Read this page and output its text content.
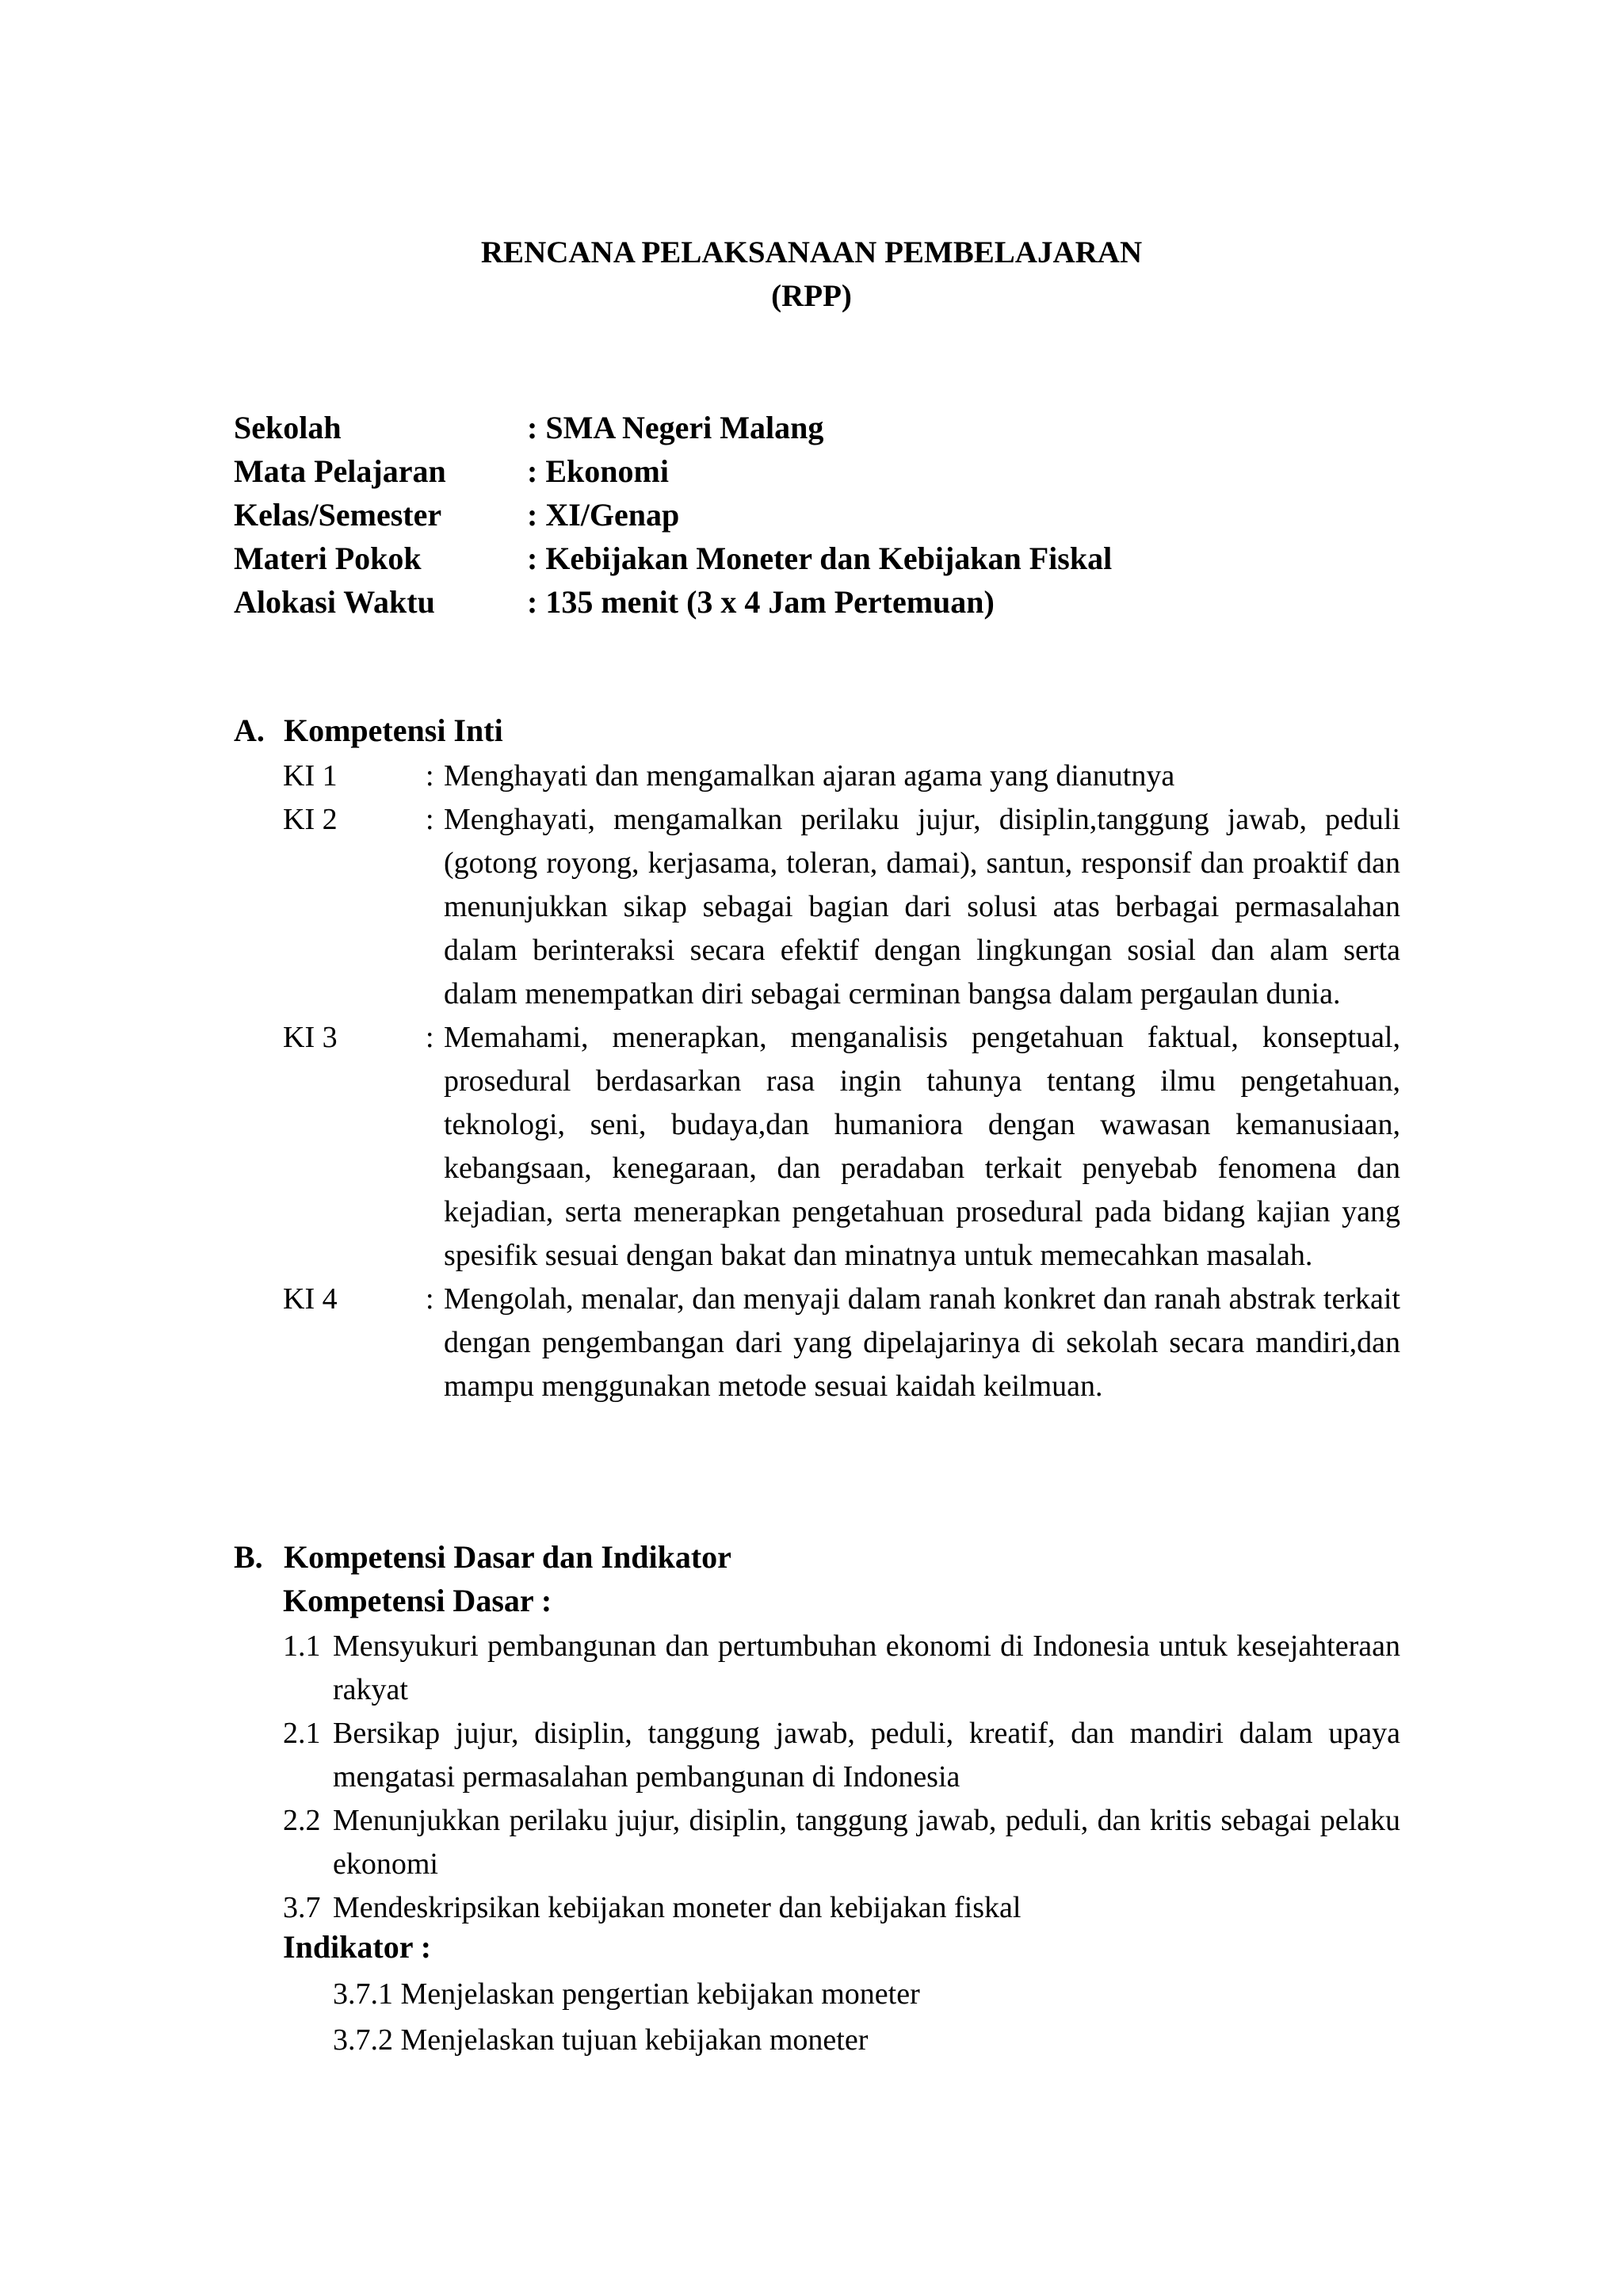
RENCANA PELAKSANAAN PEMBELAJARAN
(RPP)
Sekolah	: SMA Negeri Malang
Mata Pelajaran	: Ekonomi
Kelas/Semester	: XI/Genap
Materi Pokok	: Kebijakan Moneter dan Kebijakan Fiskal
Alokasi Waktu	: 135 menit (3 x 4 Jam Pertemuan)
A. Kompetensi Inti
KI 1	: Menghayati dan mengamalkan ajaran agama yang dianutnya
KI 2	: Menghayati, mengamalkan perilaku jujur, disiplin,tanggung jawab, peduli (gotong royong, kerjasama, toleran, damai), santun, responsif dan proaktif dan menunjukkan sikap sebagai bagian dari solusi atas berbagai permasalahan dalam berinteraksi secara efektif dengan lingkungan sosial dan alam serta dalam menempatkan diri sebagai cerminan bangsa dalam pergaulan dunia.
KI 3	: Memahami, menerapkan, menganalisis pengetahuan faktual, konseptual, prosedural berdasarkan rasa ingin tahunya tentang ilmu pengetahuan, teknologi, seni, budaya,dan humaniora dengan wawasan kemanusiaan, kebangsaan, kenegaraan, dan peradaban terkait penyebab fenomena dan kejadian, serta menerapkan pengetahuan prosedural pada bidang kajian yang spesifik sesuai dengan bakat dan minatnya untuk memecahkan masalah.
KI 4	: Mengolah, menalar, dan menyaji dalam ranah konkret dan ranah abstrak terkait dengan pengembangan dari yang dipelajarinya di sekolah secara mandiri,dan mampu menggunakan metode sesuai kaidah keilmuan.
B. Kompetensi Dasar dan Indikator
Kompetensi Dasar :
1.1 Mensyukuri pembangunan dan pertumbuhan ekonomi di Indonesia untuk kesejahteraan rakyat
2.1 Bersikap jujur, disiplin, tanggung jawab, peduli, kreatif, dan mandiri dalam upaya mengatasi permasalahan pembangunan di Indonesia
2.2 Menunjukkan perilaku jujur, disiplin, tanggung jawab, peduli, dan kritis sebagai pelaku ekonomi
3.7 Mendeskripsikan kebijakan moneter dan kebijakan fiskal
Indikator :
3.7.1 Menjelaskan pengertian kebijakan moneter
3.7.2 Menjelaskan tujuan kebijakan moneter
